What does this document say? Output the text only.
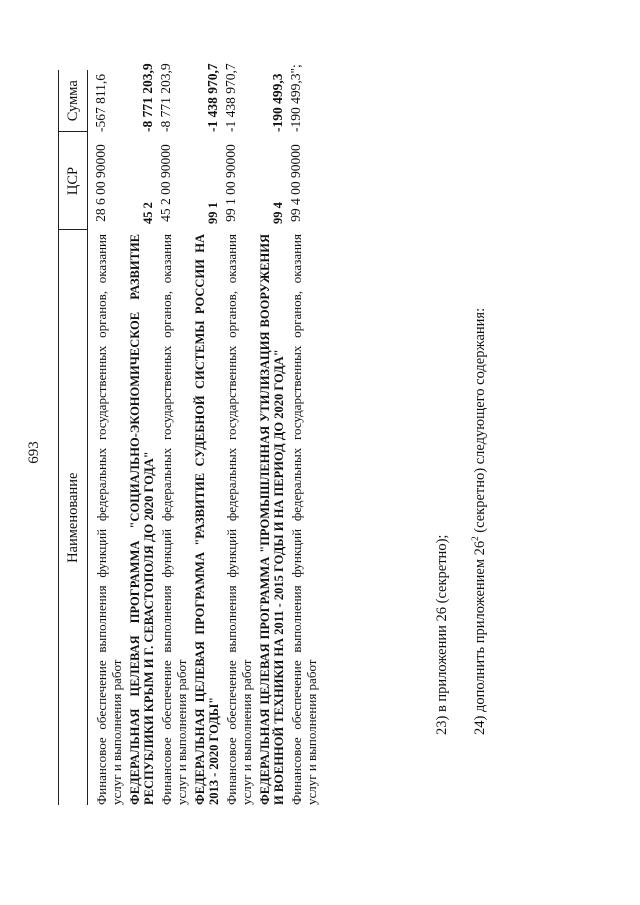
693
Наименование	ЦСР	Сумма

Финансовое обеспечение выполнения функций федеральных государственных органов, оказания услуг и выполнения работ	28 6 00 90000	-567 811,6
ФЕДЕРАЛЬНАЯ ЦЕЛЕВАЯ ПРОГРАММА "СОЦИАЛЬНО-ЭКОНОМИЧЕСКОЕ РАЗВИТИЕ РЕСПУБЛИКИ КРЫМ И Г. СЕВАСТОПОЛЯ ДО 2020 ГОДА"	45 2	-8 771 203,9
Финансовое обеспечение выполнения функций федеральных государственных органов, оказания услуг и выполнения работ	45 2 00 90000	-8 771 203,9
ФЕДЕРАЛЬНАЯ ЦЕЛЕВАЯ ПРОГРАММА "РАЗВИТИЕ СУДЕБНОЙ СИСТЕМЫ РОССИИ НА 2013 - 2020 ГОДЫ"	99 1	-1 438 970,7
Финансовое обеспечение выполнения функций федеральных государственных органов, оказания услуг и выполнения работ	99 1 00 90000	-1 438 970,7
ФЕДЕРАЛЬНАЯ ЦЕЛЕВАЯ ПРОГРАММА "ПРОМЫШЛЕННАЯ УТИЛИЗАЦИЯ ВООРУЖЕНИЯ И ВОЕННОЙ ТЕХНИКИ НА 2011 - 2015 ГОДЫ И НА ПЕРИОД ДО 2020 ГОДА"	99 4	-190 499,3
Финансовое обеспечение выполнения функций федеральных государственных органов, оказания услуг и выполнения работ	99 4 00 90000	-190 499,3";
23) в приложении 26 (секретно); 24) дополнить приложением $26^2$ (секретно) следующего содержания:
